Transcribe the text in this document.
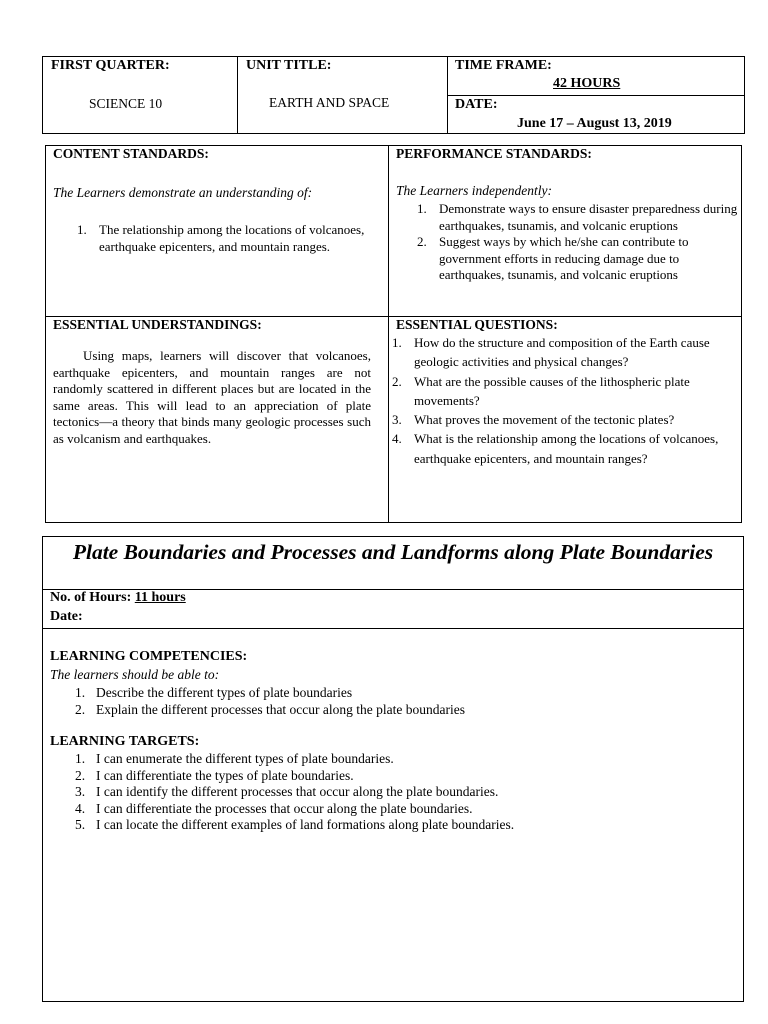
FIRST QUARTER:
SCIENCE 10
UNIT TITLE:
EARTH AND SPACE
TIME FRAME:
42 HOURS
DATE:
June 17 – August 13, 2019
CONTENT STANDARDS:
The Learners demonstrate an understanding of:
1. The relationship among the locations of volcanoes, earthquake epicenters, and mountain ranges.
PERFORMANCE STANDARDS:
The Learners independently:
1. Demonstrate ways to ensure disaster preparedness during earthquakes, tsunamis, and volcanic eruptions
2. Suggest ways by which he/she can contribute to government efforts in reducing damage due to earthquakes, tsunamis, and volcanic eruptions
ESSENTIAL UNDERSTANDINGS:
Using maps, learners will discover that volcanoes, earthquake epicenters, and mountain ranges are not randomly scattered in different places but are located in the same areas. This will lead to an appreciation of plate tectonics—a theory that binds many geologic processes such as volcanism and earthquakes.
ESSENTIAL QUESTIONS:
1. How do the structure and composition of the Earth cause geologic activities and physical changes?
2. What are the possible causes of the lithospheric plate movements?
3. What proves the movement of the tectonic plates?
4. What is the relationship among the locations of volcanoes, earthquake epicenters, and mountain ranges?
Plate Boundaries and Processes and Landforms along Plate Boundaries
No. of Hours: 11 hours
Date:
LEARNING COMPETENCIES:
The learners should be able to:
1. Describe the different types of plate boundaries
2. Explain the different processes that occur along the plate boundaries
LEARNING TARGETS:
1. I can enumerate the different types of plate boundaries.
2. I can differentiate the types of plate boundaries.
3. I can identify the different processes that occur along the plate boundaries.
4. I can differentiate the processes that occur along the plate boundaries.
5. I can locate the different examples of land formations along plate boundaries.
